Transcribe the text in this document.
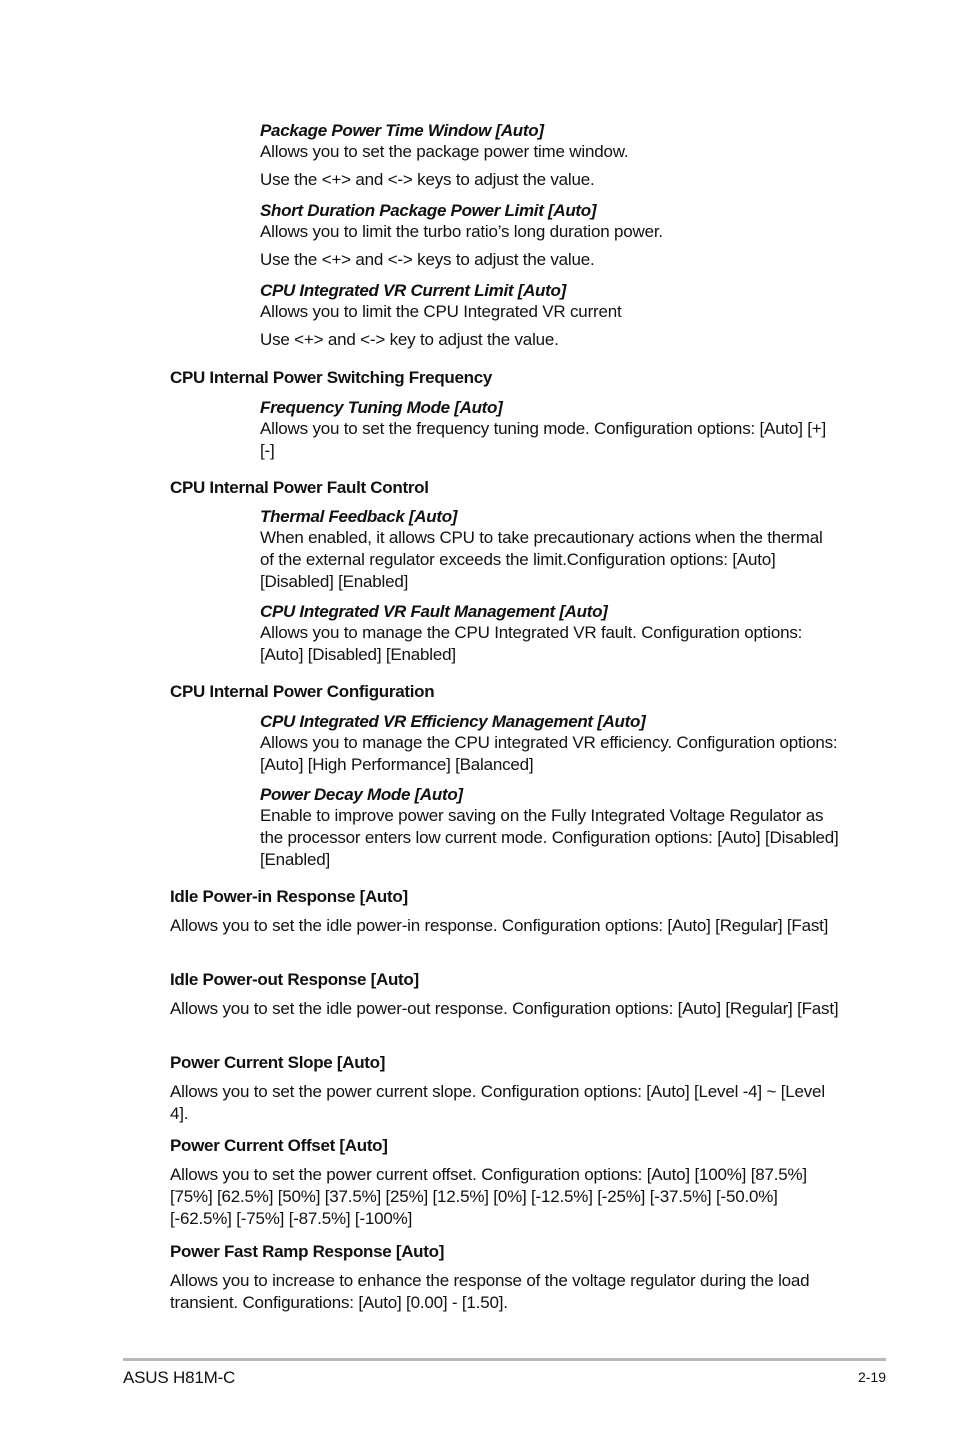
Package Power Time Window [Auto]

Allows you to set the package power time window.

Use the <+> and <-> keys to adjust the value.

Short Duration Package Power Limit [Auto]

Allows you to limit the turbo ratio’s long duration power.

Use the <+> and <-> keys to adjust the value.

CPU Integrated VR Current Limit [Auto]

Allows you to limit the CPU Integrated VR current

Use <+> and <-> key to adjust the value.

CPU Internal Power Switching Frequency

Frequency Tuning Mode [Auto]

Allows you to set the frequency tuning mode. Configuration options: [Auto] [+] [-]

CPU Internal Power Fault Control

Thermal Feedback [Auto]

When enabled, it allows CPU to take precautionary actions when the thermal of the external regulator exceeds the limit.Configuration options: [Auto] [Disabled] [Enabled]

CPU Integrated VR Fault Management [Auto]

Allows you to manage the CPU Integrated VR fault. Configuration options: [Auto] [Disabled] [Enabled]

CPU Internal Power Configuration

CPU Integrated VR Efficiency Management [Auto]

Allows you to manage the CPU integrated VR efficiency. Configuration options: [Auto] [High Performance] [Balanced]

Power Decay Mode [Auto]

Enable to improve power saving on the Fully Integrated Voltage Regulator as the processor enters low current mode. Configuration options: [Auto] [Disabled] [Enabled]

Idle Power-in Response [Auto]

Allows you to set the idle power-in response. Configuration options: [Auto] [Regular] [Fast]

Idle Power-out Response [Auto]

Allows you to set the idle power-out response. Configuration options: [Auto] [Regular] [Fast]

Power Current Slope [Auto]

Allows you to set the power current slope. Configuration options: [Auto] [Level -4] ~ [Level 4].

Power Current Offset [Auto]

Allows you to set the power current offset. Configuration options: [Auto] [100%] [87.5%] [75%] [62.5%] [50%] [37.5%] [25%] [12.5%] [0%] [-12.5%] [-25%] [-37.5%] [-50.0%] [-62.5%] [-75%] [-87.5%] [-100%]

Power Fast Ramp Response [Auto]

Allows you to increase to enhance the response of the voltage regulator during the load transient. Configurations: [Auto] [0.00] - [1.50].

ASUS H81M-C	2-19
